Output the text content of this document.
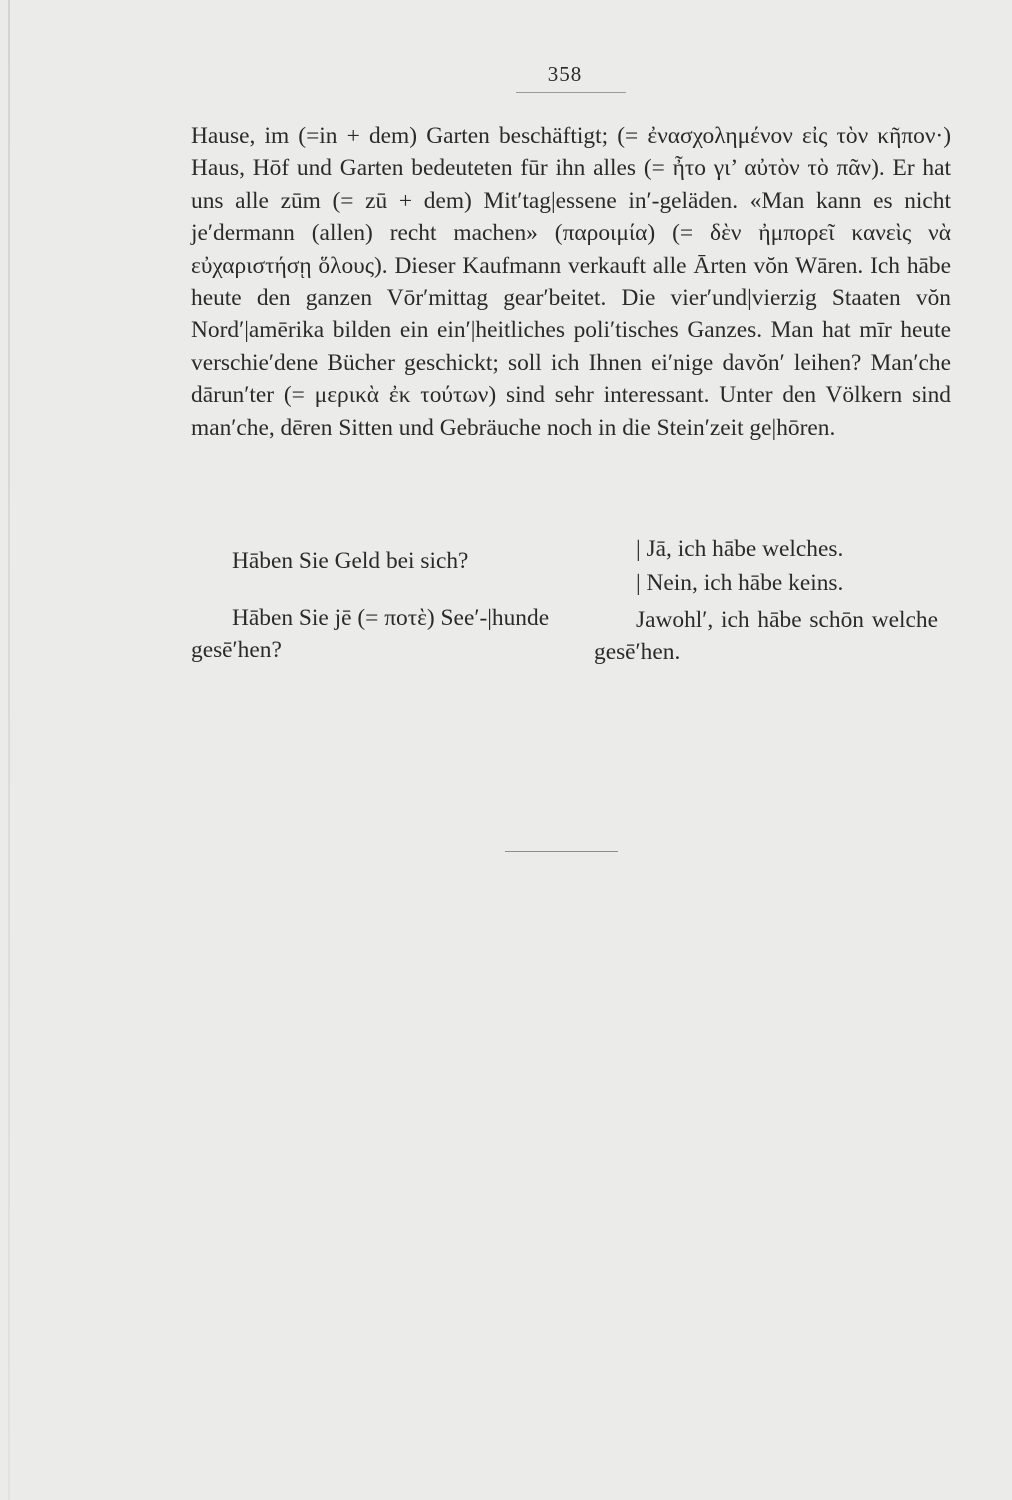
358

Hause, im (=in + dem) Garten beschäftigt; (= ἐνασχολημένον εἰς τὸν κῆπον·) Haus, Hōf und Garten bedeuteten fūr ihn alles (= ἦτο γι’ αὐτὸν τὸ πᾶν). Er hat uns alle zūm (= zū + dem) Mit′tag|essene in′-geläden. «Man kann es nicht je′dermann (allen) recht machen» (παροιμία) (= δὲν ἠμπορεῖ κανεὶς νὰ εὐχαριστήσῃ ὅλους). Dieser Kaufmann verkauft alle Ārten vŏn Wāren. Ich hābe heute den ganzen Vōr′mittag gear′beitet. Die vier′und|vierzig Staaten vŏn Nord′|amērika bilden ein ein′|heitliches poli′tisches Ganzes. Man hat mīr heute verschie′dene Bücher geschickt; soll ich Ihnen ei′nige davŏn′ leihen? Man′che dārun′ter (= μερικὰ ἐκ τούτων) sind sehr interessant. Unter den Völkern sind man′che, dēren Sitten und Gebräuche noch in die Stein′zeit ge|hōren.

Hāben Sie Geld bei sich?	| Jā, ich hābe welches.

| Nein, ich hābe keins.

Hāben Sie jē (= ποτὲ) See′-|hunde gesē′hen?

Jawohl′, ich hābe schōn welche gesē′hen.
